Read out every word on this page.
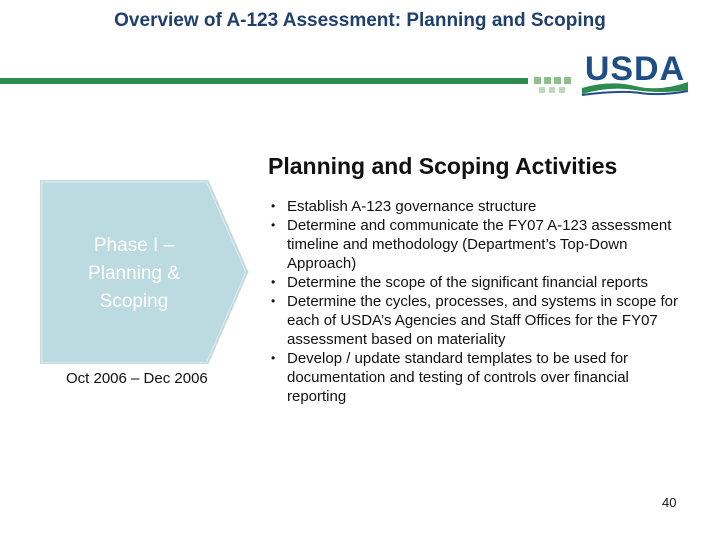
Overview of A-123 Assessment: Planning and Scoping
USDA
Planning and Scoping Activities
Phase I –
Planning &
Scoping
Oct 2006 – Dec 2006
• Establish A-123 governance structure
• Determine and communicate the FY07 A-123 assessment timeline and methodology (Department’s Top-Down Approach)
• Determine the scope of the significant financial reports
• Determine the cycles, processes, and systems in scope for each of USDA’s Agencies and Staff Offices for the FY07 assessment based on materiality
• Develop / update standard templates to be used for documentation and testing of controls over financial reporting
40
